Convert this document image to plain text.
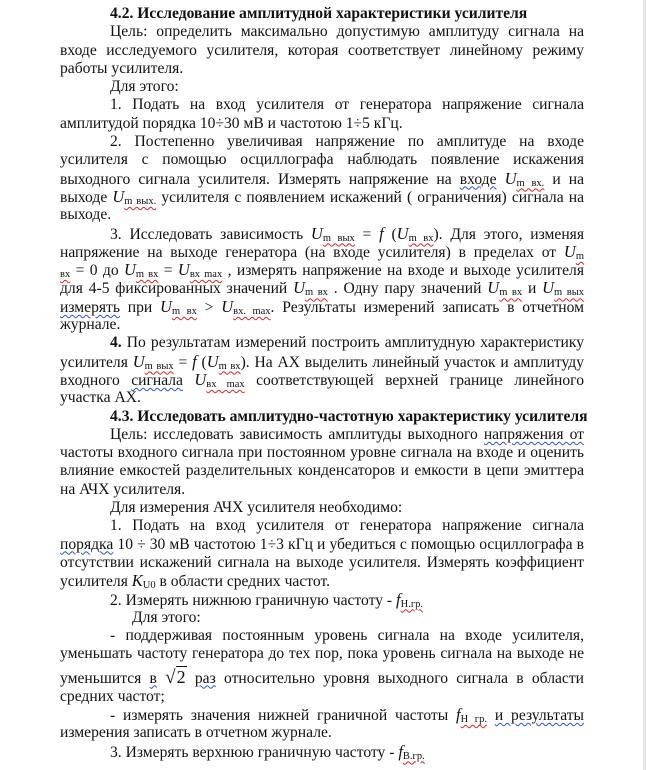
4.2. Исследование амплитудной характеристики усилителя
Цель: определить максимально допустимую амплитуду сигнала на
входе исследуемого усилителя, которая соответствует линейному режиму
работы усилителя.
Для этого:
1. Подать на вход усилителя от генератора напряжение сигнала
амплитудой порядка 10÷30 мВ и частотою 1÷5 кГц.
2. Постепенно увеличивая напряжение по амплитуде на входе
усилителя с помощью осциллографа наблюдать появление искажения
выходного сигнала усилителя. Измерять напряжение на входе $U_{m вх.}$ и на
выходе $U_{m вых.}$ усилителя с появлением искажений ( ограничения) сигнала на
выходе.
3. Исследовать зависимость $U_{m вых} = f$ $(U_{m вх})$. Для этого, изменяя
напряжение на выходе генератора (на входе усилителя) в пределах от $U_m$
$_{вх}$ = 0 до $U_{m вх} = U_{вх max}$ , измерять напряжение на входе и выходе усилителя
для 4-5 фиксированных значений $U_{m вх}$ . Одну пару значений $U_{m вх}$ и $U_{m вых}$
измерять при $U_{m вх} > U_{вх. max}$. Результаты измерений записать в отчетном
журнале.
4. По результатам измерений построить амплитудную характеристику
усилителя $U_{m вых} = f$ $(U_{m вх})$. На АХ выделить линейный участок и амплитуду
входного сигнала $U_{вх max}$ соответствующей верхней границе линейного
участка АХ.
4.3. Исследовать амплитудно-частотную характеристику усилителя
Цель: исследовать зависимость амплитуды выходного напряжения от
частоты входного сигнала при постоянном уровне сигнала на входе и оценить
влияние емкостей разделительных конденсаторов и емкости в цепи эмиттера
на АЧХ усилителя.
Для измерения АЧХ усилителя необходимо:
1. Подать на вход усилителя от генератора напряжение сигнала
порядка 10 ÷ 30 мВ частотою 1÷3 кГц и убедиться с помощью осциллографа в
отсутствии искажений сигнала на выходе усилителя. Измерять коэффициент
усилителя $K_{U0}$ в области средних частот.
2. Измерять нижнюю граничную частоту - $f_{Н.гр.}$
Для этого:
- поддерживая постоянным уровень сигнала на входе усилителя,
уменьшать частоту генератора до тех пор, пока уровень сигнала на выходе не
уменьшится в √2 раз относительно уровня выходного сигнала в области
средних частот;
- измерять значения нижней граничной частоты $f_{Н гр.}$ и результаты
измерения записать в отчетном журнале.
3. Измерять верхнюю граничную частоту - $f_{В.гр.}$
